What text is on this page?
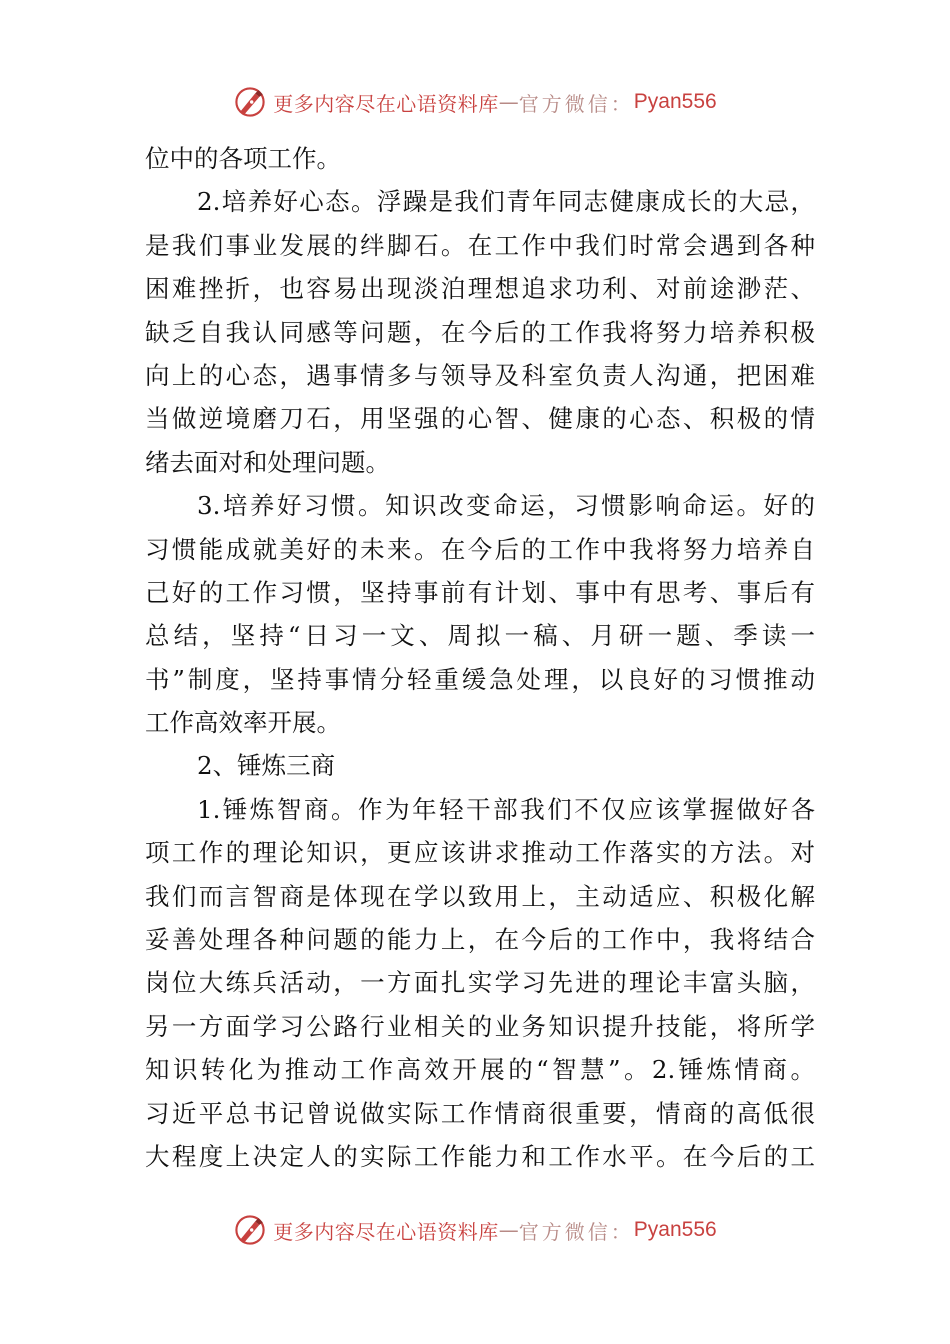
更多内容尽在心语资料库 — 官方微信： Pyan556
位中的各项工作。
2.培养好心态。浮躁是我们青年同志健康成长的大忌，
是我们事业发展的绊脚石。在工作中我们时常会遇到各种
困难挫折，也容易出现淡泊理想追求功利、对前途渺茫、
缺乏自我认同感等问题，在今后的工作我将努力培养积极
向上的心态，遇事情多与领导及科室负责人沟通，把困难
当做逆境磨刀石，用坚强的心智、健康的心态、积极的情
绪去面对和处理问题。
3.培养好习惯。知识改变命运，习惯影响命运。好的
习惯能成就美好的未来。在今后的工作中我将努力培养自
己好的工作习惯，坚持事前有计划、事中有思考、事后有
总结，坚持“日习一文、周拟一稿、月研一题、季读一
书”制度，坚持事情分轻重缓急处理，以良好的习惯推动
工作高效率开展。
2、锤炼三商
1.锤炼智商。作为年轻干部我们不仅应该掌握做好各
项工作的理论知识，更应该讲求推动工作落实的方法。对
我们而言智商是体现在学以致用上，主动适应、积极化解
妥善处理各种问题的能力上，在今后的工作中，我将结合
岗位大练兵活动，一方面扎实学习先进的理论丰富头脑，
另一方面学习公路行业相关的业务知识提升技能，将所学
知识转化为推动工作高效开展的“智慧”。2.锤炼情商。
习近平总书记曾说做实际工作情商很重要，情商的高低很
大程度上决定人的实际工作能力和工作水平。在今后的工
更多内容尽在心语资料库 — 官方微信： Pyan556
